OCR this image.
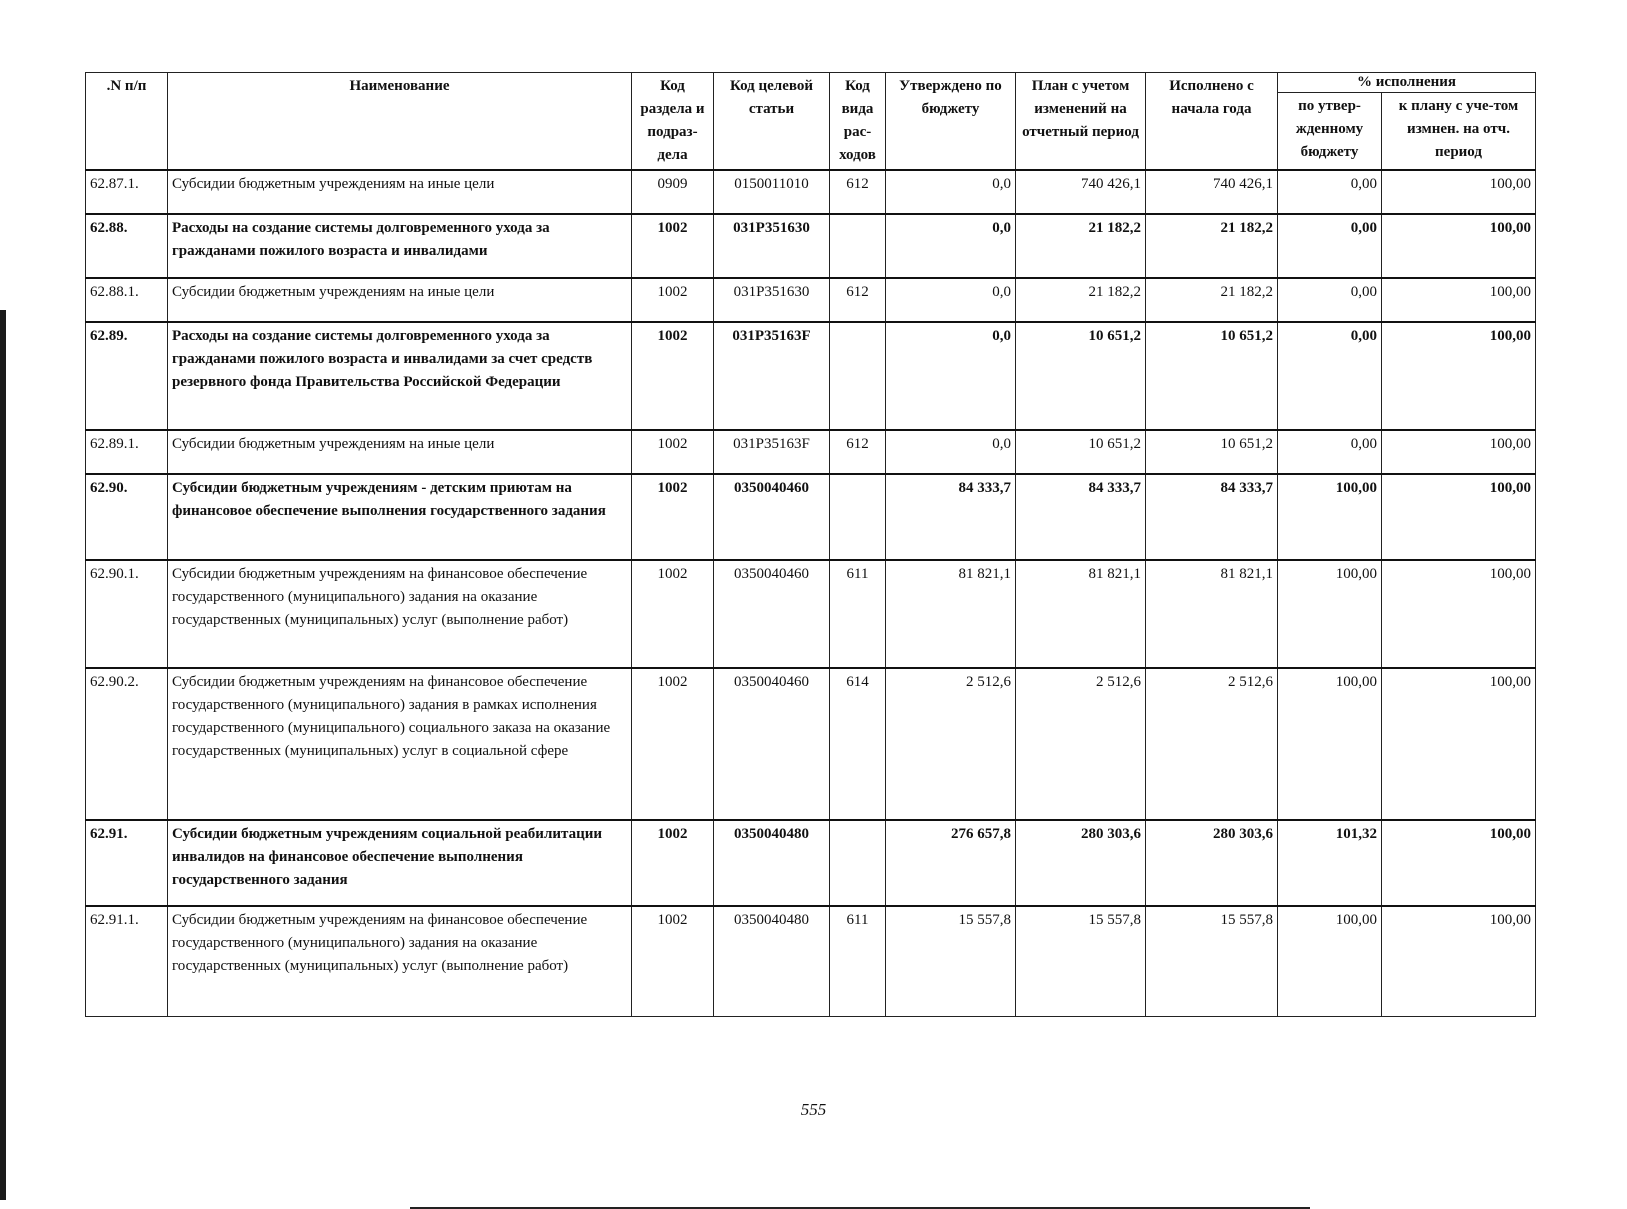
.N п/п	Наименование	Код раздела и подраз-дела	Код целевой статьи	Код вида рас-ходов	Утверждено по бюджету	План с учетом изменений на отчетный период	Исполнено с начала года	% исполнения	
								по утвер-жденному бюджету	к плану с уче-том измнен. на отч. период
62.87.1.	Субсидии бюджетным учреждениям на иные цели	0909	0150011010	612	0,0	740 426,1	740 426,1	0,00	100,00
62.88.	Расходы на создание системы долговременного ухода за гражданами пожилого возраста и инвалидами	1002	031P351630		0,0	21 182,2	21 182,2	0,00	100,00
62.88.1.	Субсидии бюджетным учреждениям на иные цели	1002	031P351630	612	0,0	21 182,2	21 182,2	0,00	100,00
62.89.	Расходы на создание системы долговременного ухода за гражданами пожилого возраста и инвалидами за счет средств резервного фонда Правительства Российской Федерации	1002	031P35163F		0,0	10 651,2	10 651,2	0,00	100,00
62.89.1.	Субсидии бюджетным учреждениям на иные цели	1002	031P35163F	612	0,0	10 651,2	10 651,2	0,00	100,00
62.90.	Субсидии бюджетным учреждениям - детским приютам на финансовое обеспечение выполнения государственного задания	1002	0350040460		84 333,7	84 333,7	84 333,7	100,00	100,00
62.90.1.	Субсидии бюджетным учреждениям на финансовое обеспечение государственного (муниципального) задания на оказание государственных (муниципальных) услуг (выполнение работ)	1002	0350040460	611	81 821,1	81 821,1	81 821,1	100,00	100,00
62.90.2.	Субсидии бюджетным учреждениям на финансовое обеспечение государственного (муниципального) задания в рамках исполнения государственного (муниципального) социального заказа на оказание государственных (муниципальных) услуг в социальной сфере	1002	0350040460	614	2 512,6	2 512,6	2 512,6	100,00	100,00
62.91.	Субсидии бюджетным учреждениям социальной реабилитации инвалидов на финансовое обеспечение выполнения государственного задания	1002	0350040480		276 657,8	280 303,6	280 303,6	101,32	100,00
62.91.1.	Субсидии бюджетным учреждениям на финансовое обеспечение государственного (муниципального) задания на оказание государственных (муниципальных) услуг (выполнение работ)	1002	0350040480	611	15 557,8	15 557,8	15 557,8	100,00	100,00
555
